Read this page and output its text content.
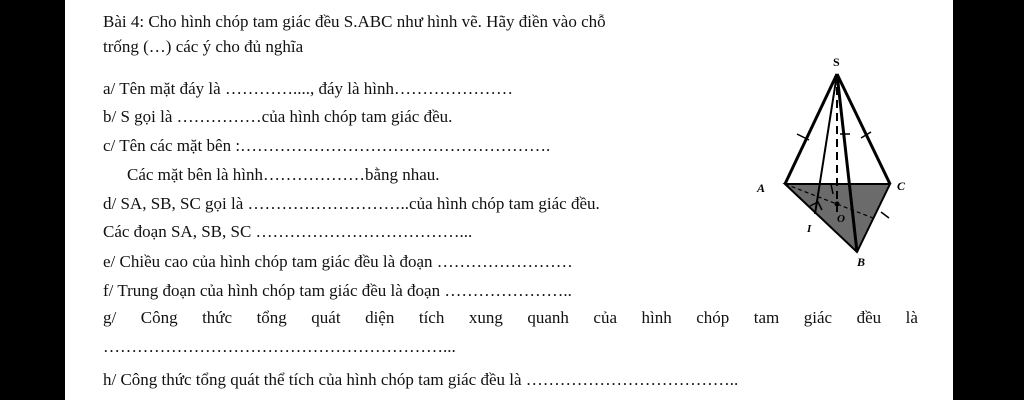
Bài 4: Cho hình chóp tam giác đều S.ABC như hình vẽ. Hãy điền vào chỗ
trống (…) các ý cho đủ nghĩa
a/ Tên mặt đáy là …………...., đáy là hình…………………
b/ S gọi là ……………của hình chóp tam giác đều.
c/ Tên các mặt bên :……………………………………………….
Các mặt bên là hình………………bằng nhau.
d/ SA, SB, SC gọi là ………………………..của hình chóp tam giác đều.
Các đoạn SA, SB, SC ………………………………...
e/ Chiều cao của hình chóp tam giác đều là đoạn ……………………
f/ Trung đoạn của hình chóp tam giác đều là đoạn …………………..
g/ Công thức tổng quát diện tích xung quanh của hình chóp tam giác đều là
……………………………………………………...
h/ Công thức tổng quát thể tích của hình chóp tam giác đều là ………………………………..
S
A	C
B
O
I
